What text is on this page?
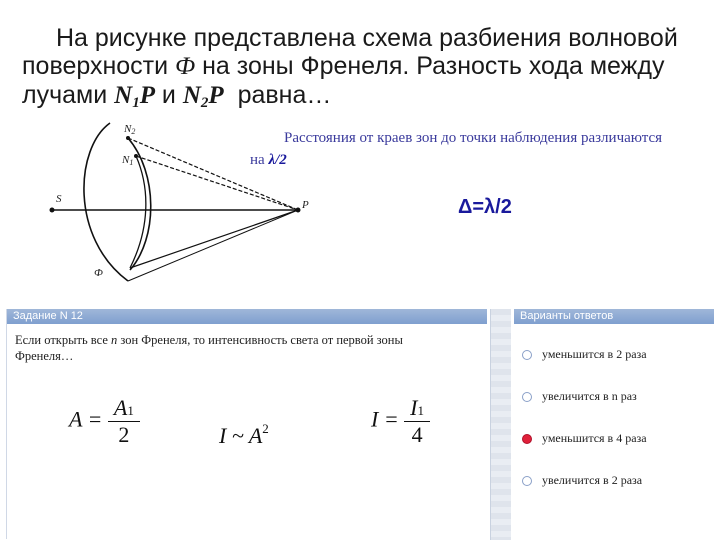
На рисунке представлена схема разбиения волновой поверхности Ф на зоны Френеля. Разность хода между лучами $N_1P$ и $N_2P$ равна…
N2
N1
S	P
Ф
Расстояния от краев зон до точки наблюдения различаются на λ/2
Δ=λ/2
Задание N 12
Если открыть все n зон Френеля, то интенсивность света от первой зоны Френеля…
$A = \frac{A1}{2}$	I ~ $A^2$	$I = \frac{I1}{4}$
Варианты ответов
уменьшится в 2 раза
увеличится в n раз
уменьшится в 4 раза
увеличится в 2 раза
